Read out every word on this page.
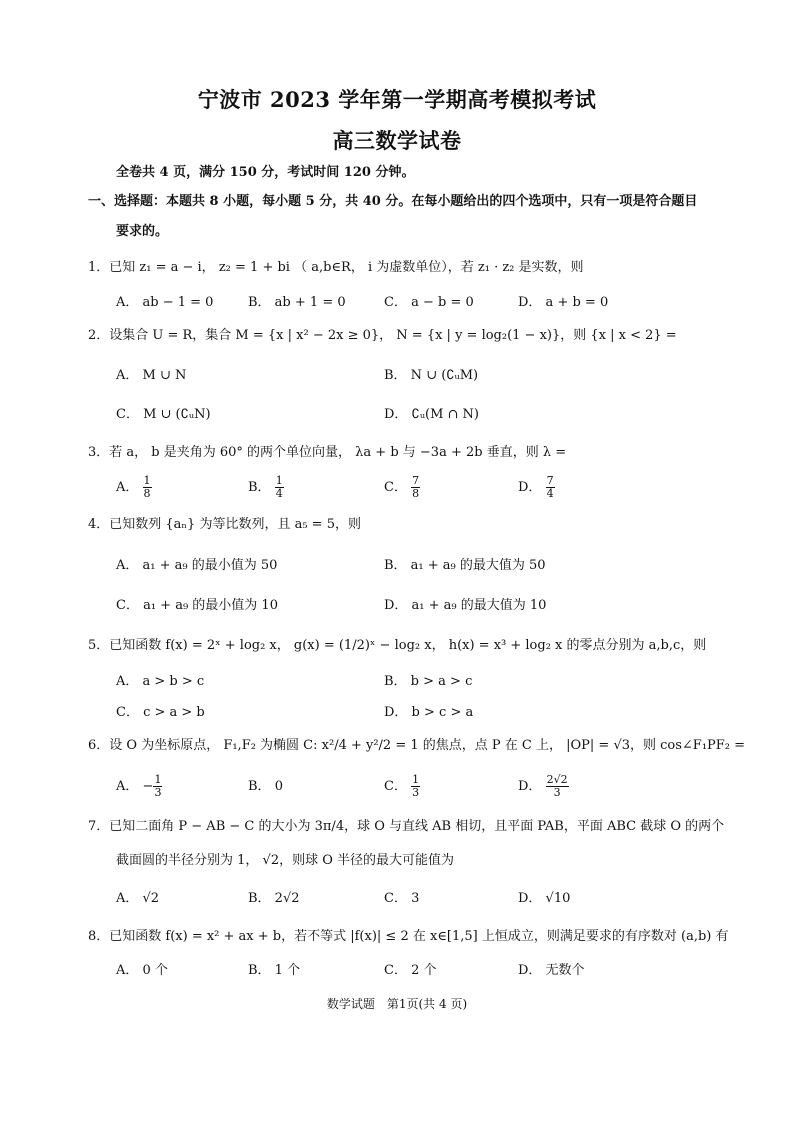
宁波市 2023 学年第一学期高考模拟考试
高三数学试卷
全卷共 4 页，满分 150 分，考试时间 120 分钟。
一、选择题：本题共 8 小题，每小题 5 分，共 40 分。在每小题给出的四个选项中，只有一项是符合题目
要求的。
1．已知 z₁ = a − i， z₂ = 1 + bi （ a,b∈R， i 为虚数单位），若 z₁ · z₂ 是实数，则
A． ab − 1 = 0	B． ab + 1 = 0	C． a − b = 0	D． a + b = 0
2．设集合 U = R，集合 M = {x | x² − 2x ≥ 0}， N = {x | y = log₂(1 − x)}，则 {x | x < 2} =
A． M ∪ N	B． N ∪ (∁ᵤM)
C． M ∪ (∁ᵤN)	D． ∁ᵤ(M ∩ N)
3．若 a， b 是夹角为 60° 的两个单位向量， λa + b 与 −3a + 2b 垂直，则 λ =
A． $\frac{1}{8}$	B． $\frac{1}{4}$	C． $\frac{7}{8}$	D． $\frac{7}{4}$
4．已知数列 {aₙ} 为等比数列，且 a₅ = 5，则
A． a₁ + a₉ 的最小值为 50	B． a₁ + a₉ 的最大值为 50
C． a₁ + a₉ 的最小值为 10	D． a₁ + a₉ 的最大值为 10
5．已知函数 f(x) = 2ˣ + log₂ x， g(x) = (1/2)ˣ − log₂ x， h(x) = x³ + log₂ x 的零点分别为 a,b,c，则
A． a > b > c	B． b > a > c
C． c > a > b	D． b > c > a
6．设 O 为坐标原点， F₁,F₂ 为椭圆 C: x²/4 + y²/2 = 1 的焦点，点 P 在 C 上， |OP| = √3，则 cos∠F₁PF₂ =
A． − $\frac{1}{3}$	B． 0	C． $\frac{1}{3}$	D． $\frac{2√2}{3}$
7．已知二面角 P − AB − C 的大小为 3π/4，球 O 与直线 AB 相切，且平面 PAB，平面 ABC 截球 O 的两个
截面圆的半径分别为 1， √2，则球 O 半径的最大可能值为
A． √2	B． 2√2	C． 3	D． √10
8．已知函数 f(x) = x² + ax + b，若不等式 |f(x)| ≤ 2 在 x∈[1,5] 上恒成立，则满足要求的有序数对 (a,b) 有
A． 0 个	B． 1 个	C． 2 个	D． 无数个
数学试题　第1页(共 4 页)
